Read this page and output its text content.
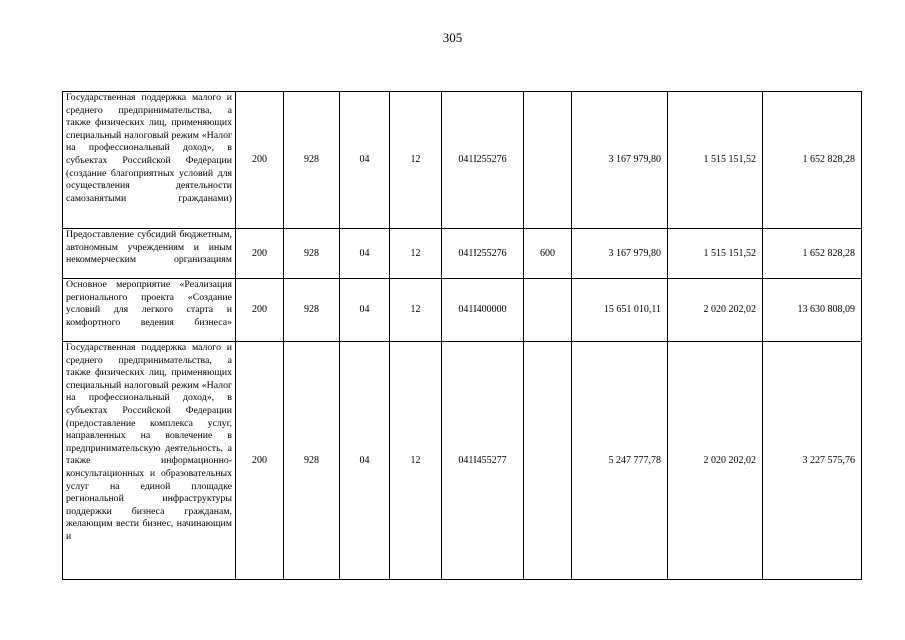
305
Государственная поддержка малого и среднего предпринимательства, а также физических лиц, применяющих специальный налоговый режим «Налог на профессиональный доход», в субъектах Российской Федерации (создание благоприятных условий для осуществления деятельности самозанятыми гражданами)	200	928	04	12	041I255276		3 167 979,80	1 515 151,52	1 652 828,28
Предоставление субсидий бюджетным, автономным учреждениям и иным некоммерческим организациям	200	928	04	12	041I255276	600	3 167 979,80	1 515 151,52	1 652 828,28
Основное мероприятие «Реализация регионального проекта «Создание условий для легкого старта и комфортного ведения бизнеса»	200	928	04	12	041I400000		15 651 010,11	2 020 202,02	13 630 808,09
Государственная поддержка малого и среднего предпринимательства, а также физических лиц, применяющих специальный налоговый режим «Налог на профессиональный доход», в субъектах Российской Федерации (предоставление комплекса услуг, направленных на вовлечение в предпринимательскую деятельность, а также информационно-консультационных и образовательных услуг на единой площадке региональной инфраструктуры поддержки бизнеса гражданам, желающим вести бизнес, начинающим и	200	928	04	12	041I455277		5 247 777,78	2 020 202,02	3 227 575,76
